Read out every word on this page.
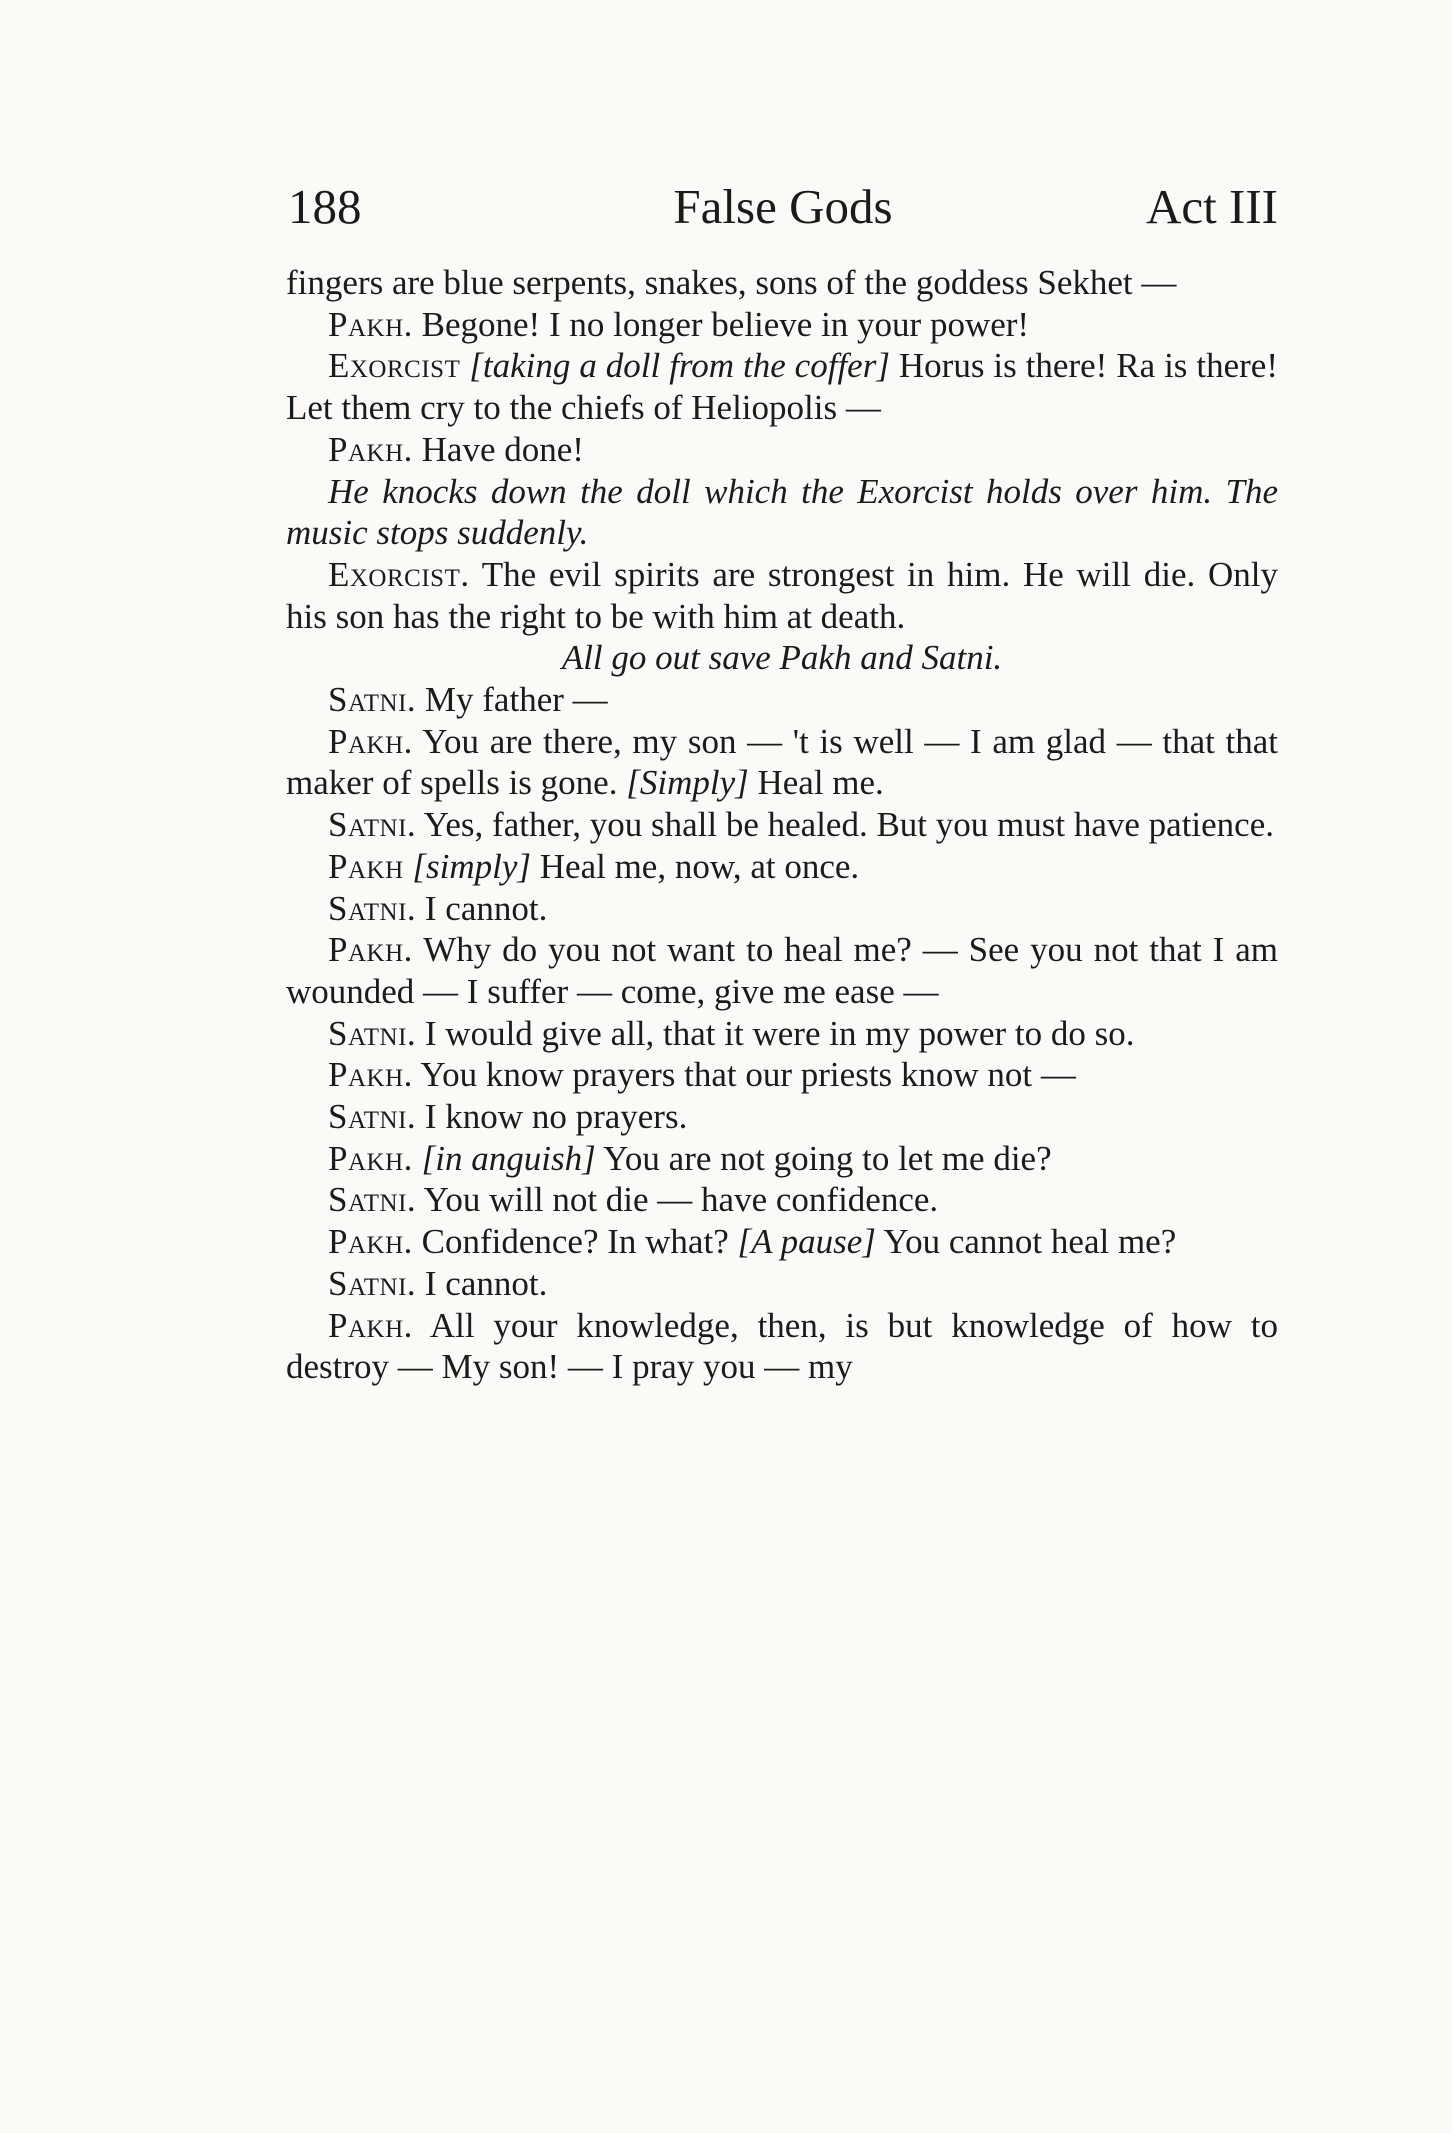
188	False Gods	Act III

fingers are blue serpents, snakes, sons of the goddess Sekhet —

Pakh. Begone! I no longer believe in your power!

Exorcist [taking a doll from the coffer] Horus is there! Ra is there! Let them cry to the chiefs of Heliopolis —

Pakh. Have done!

He knocks down the doll which the Exorcist holds over him. The music stops suddenly.

Exorcist. The evil spirits are strongest in him. He will die. Only his son has the right to be with him at death.

All go out save Pakh and Satni.

Satni. My father —

Pakh. You are there, my son — 't is well — I am glad — that that maker of spells is gone. [Simply] Heal me.

Satni. Yes, father, you shall be healed. But you must have patience.

Pakh [simply] Heal me, now, at once.

Satni. I cannot.

Pakh. Why do you not want to heal me? — See you not that I am wounded — I suffer — come, give me ease —

Satni. I would give all, that it were in my power to do so.

Pakh. You know prayers that our priests know not —

Satni. I know no prayers.

Pakh. [in anguish] You are not going to let me die?

Satni. You will not die — have confidence.

Pakh. Confidence? In what? [A pause] You cannot heal me?

Satni. I cannot.

Pakh. All your knowledge, then, is but knowledge of how to destroy — My son! — I pray you — my
